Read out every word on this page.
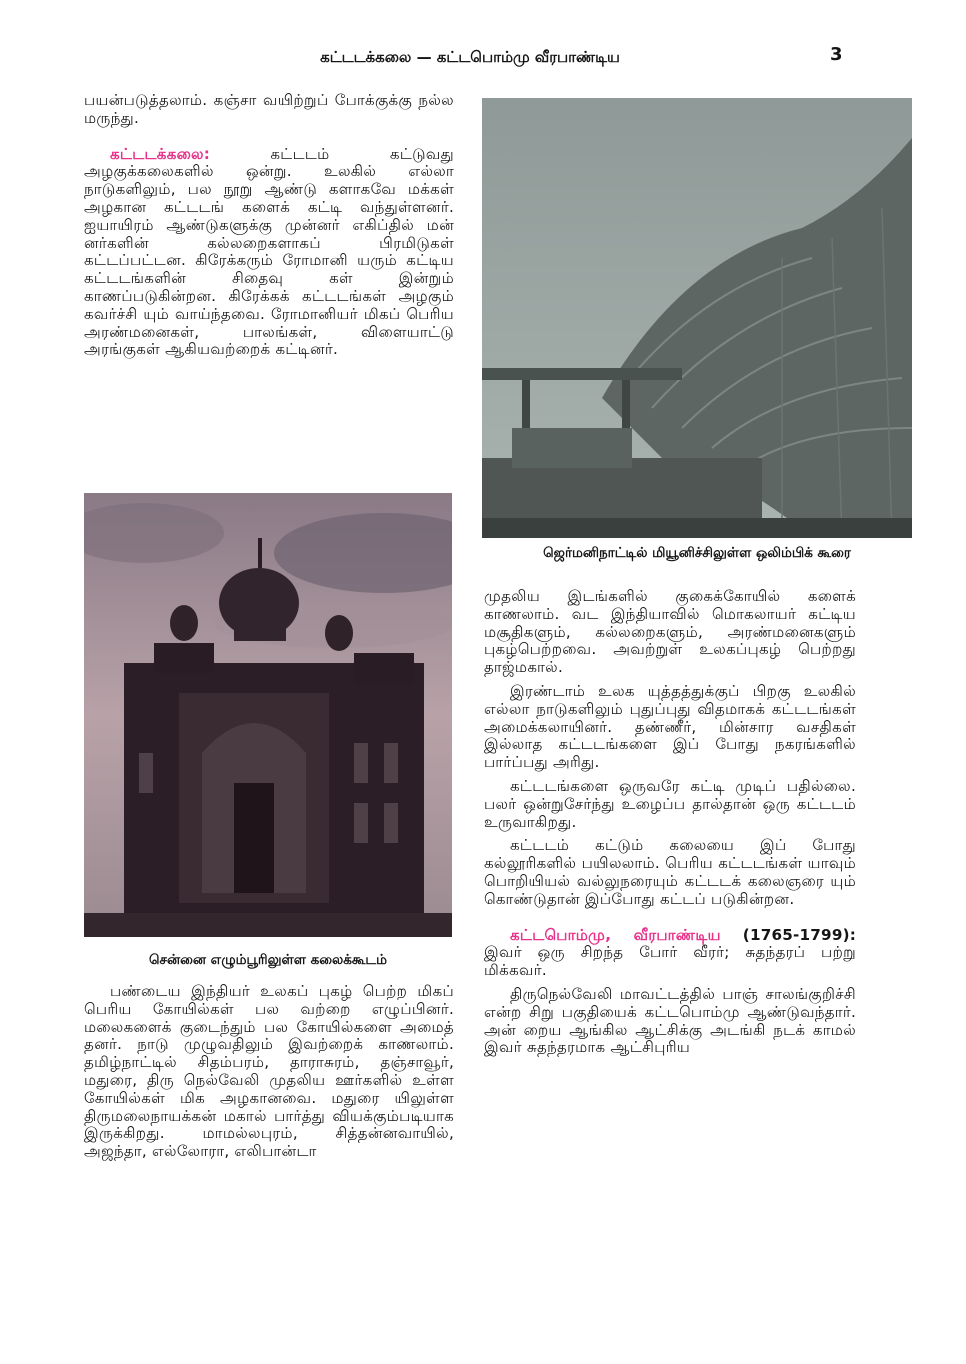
கட்டடக்கலை — கட்டபொம்மு வீரபாண்டிய	3

பயன்படுத்தலாம். கஞ்சா வயிற்றுப் போக்குக்கு நல்ல மருந்து.

கட்டடக்கலை: கட்டடம் கட்டுவது அழகுக்கலைகளில் ஒன்று. உலகில் எல்லா நாடுகளிலும், பல நூறு ஆண்டு களாகவே மக்கள் அழகான கட்டடங் களைக் கட்டி வந்துள்ளனர். ஐயாயிரம் ஆண்டுகளுக்கு முன்னர் எகிப்தில் மன் னர்களின் கல்லறைகளாகப் பிரமிடுகள் கட்டப்பட்டன. கிரேக்கரும் ரோமானி யரும் கட்டிய கட்டடங்களின் சிதைவு கள் இன்றும் காணப்படுகின்றன. கிரேக்கக் கட்டடங்கள் அழகும் கவர்ச்சி யும் வாய்ந்தவை. ரோமானியர் மிகப் பெரிய அரண்மனைகள், பாலங்கள், விளையாட்டு அரங்குகள் ஆகியவற்றைக் கட்டினர்.

சென்னை எழும்பூரிலுள்ள கலைக்கூடம்

பண்டைய இந்தியர் உலகப் புகழ் பெற்ற மிகப் பெரிய கோயில்கள் பல வற்றை எழுப்பினர். மலைகளைக் குடைந்தும் பல கோயில்களை அமைத் தனர். நாடு முழுவதிலும் இவற்றைக் காணலாம். தமிழ்நாட்டில் சிதம்பரம், தாராசுரம், தஞ்சாவூர், மதுரை, திரு நெல்வேலி முதலிய ஊர்களில் உள்ள கோயில்கள் மிக அழகானவை. மதுரை யிலுள்ள திருமலைநாயக்கன் மகால் பார்த்து வியக்கும்படியாக இருக்கிறது. மாமல்லபுரம், சித்தன்னவாயில், அஜந்தா, எல்லோரா, எலிபான்டா

ஜெர்மனிநாட்டில் மியூனிச்சிலுள்ள ஒலிம்பிக் கூரை

முதலிய இடங்களில் குகைக்கோயில் களைக் காணலாம். வட இந்தியாவில் மொகலாயர் கட்டிய மசூதிகளும், கல்லறைகளும், அரண்மனைகளும் புகழ்பெற்றவை. அவற்றுள் உலகப்புகழ் பெற்றது தாஜ்மகால்.

இரண்டாம் உலக யுத்தத்துக்குப் பிறகு உலகில் எல்லா நாடுகளிலும் புதுப்புது விதமாகக் கட்டடங்கள் அமைக்கலாயினர். தண்ணீர், மின்சார வசதிகள் இல்லாத கட்டடங்களை இப் போது நகரங்களில் பார்ப்பது அரிது.

கட்டடங்களை ஒருவரே கட்டி முடிப் பதில்லை. பலர் ஒன்றுசேர்ந்து உழைப்ப தால்தான் ஒரு கட்டடம் உருவாகிறது.

கட்டடம் கட்டும் கலையை இப் போது கல்லூரிகளில் பயிலலாம். பெரிய கட்டடங்கள் யாவும் பொறியியல் வல்லுநரையும் கட்டடக் கலைஞரை யும் கொண்டுதான் இப்போது கட்டப் படுகின்றன.

கட்டபொம்மு, வீரபாண்டிய (1765-1799): இவர் ஒரு சிறந்த போர் வீரர்; சுதந்தரப் பற்று மிக்கவர்.

திருநெல்வேலி மாவட்டத்தில் பாஞ் சாலங்குறிச்சி என்ற சிறு பகுதியைக் கட்டபொம்மு ஆண்டுவந்தார். அன் றைய ஆங்கில ஆட்சிக்கு அடங்கி நடக் காமல் இவர் சுதந்தரமாக ஆட்சிபுரிய
